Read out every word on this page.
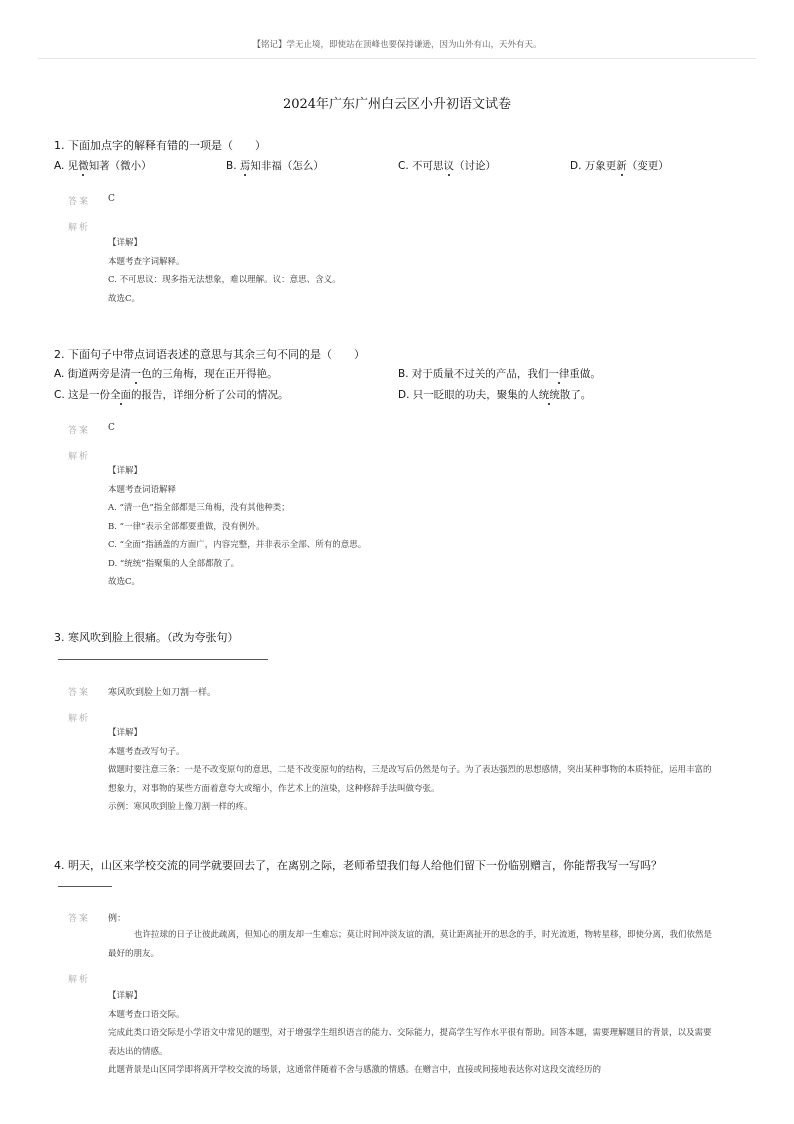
【铭记】学无止境，即使站在顶峰也要保持谦逊，因为山外有山，天外有天。
2024年广东广州白云区小升初语文试卷
1. 下面加点字的解释有错的一项是（　　）
A. 见微知著（微小）	B. 焉知非福（怎么）	C. 不可思议（讨论）	D. 万象更新（变更）
答案 C
解析
【详解】
本题考查字词解释。
C. 不可思议：现多指无法想象，难以理解。议：意思、含义。
故选C。
2. 下面句子中带点词语表述的意思与其余三句不同的是（　　）
A. 街道两旁是清一色的三角梅，现在正开得艳。	B. 对于质量不过关的产品，我们一律重做。
C. 这是一份全面的报告，详细分析了公司的情况。	D. 只一眨眼的功夫，聚集的人统统散了。
答案 C
解析
【详解】
本题考查词语解释
A. “清一色”指全部都是三角梅，没有其他种类；
B. “一律”表示全部都要重做，没有例外。
C. “全面”指涵盖的方面广，内容完整，并非表示全部、所有的意思。
D. “统统”指聚集的人全部都散了。
故选C。
3. 寒风吹到脸上很痛。（改为夸张句）
答案 寒风吹到脸上如刀割一样。
解析
【详解】
本题考查改写句子。
做题时要注意三条：一是不改变原句的意思，二是不改变原句的结构，三是改写后仍然是句子。为了表达强烈的思想感情，突出某种事物的本质特征，运用丰富的想象力，对事物的某些方面着意夸大或缩小，作艺术上的渲染，这种修辞手法叫做夸张。
示例：寒风吹到脸上像刀割一样的疼。
4. 明天，山区来学校交流的同学就要回去了，在离别之际，老师希望我们每人给他们留下一份临别赠言，你能帮我写一写吗？
答案 例：
也许拉球的日子让彼此疏离，但知心的朋友却一生难忘；莫让时间冲淡友谊的酒，莫让距离扯开的思念的手，时光流逝，物转星移，即使分离，我们依然是最好的朋友。
解析
【详解】
本题考查口语交际。
完成此类口语交际是小学语文中常见的题型，对于增强学生组织语言的能力、交际能力，提高学生写作水平很有帮助。回答本题，需要理解题目的背景，以及需要表达出的情感。
此题背景是山区同学即将离开学校交流的场景，这通常伴随着不舍与感激的情感。在赠言中，直接或间接地表达你对这段交流经历的
